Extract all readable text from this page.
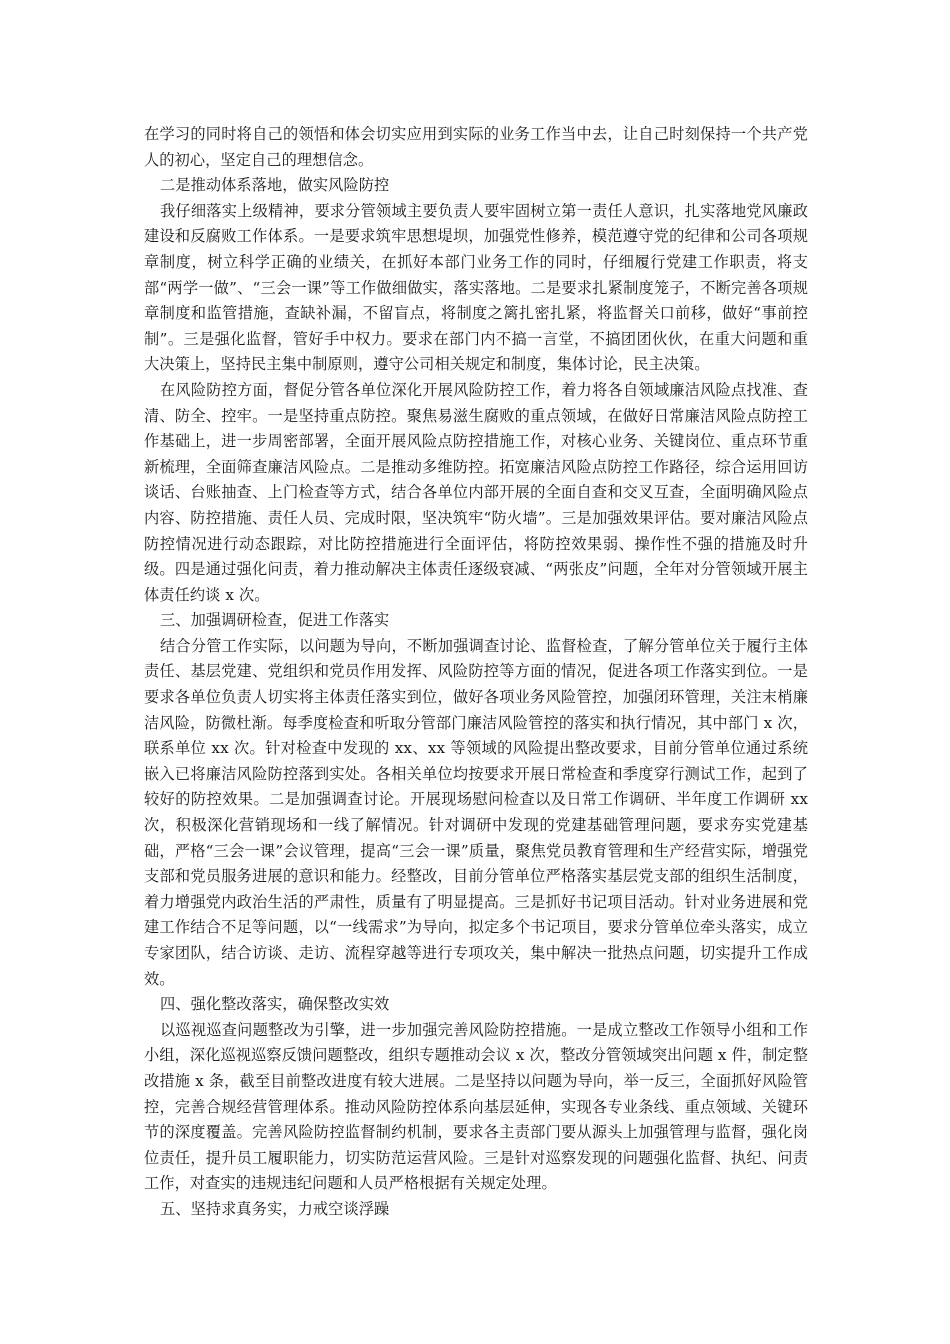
在学习的同时将自己的领悟和体会切实应用到实际的业务工作当中去，让自己时刻保持一个共产党人的初心，坚定自己的理想信念。

二是推动体系落地，做实风险防控

我仔细落实上级精神，要求分管领域主要负责人要牢固树立第一责任人意识，扎实落地党风廉政建设和反腐败工作体系。一是要求筑牢思想堤坝，加强党性修养，模范遵守党的纪律和公司各项规章制度，树立科学正确的业绩关，在抓好本部门业务工作的同时，仔细履行党建工作职责，将支部“两学一做”、“三会一课”等工作做细做实，落实落地。二是要求扎紧制度笼子，不断完善各项规章制度和监管措施，查缺补漏，不留盲点，将制度之篱扎密扎紧，将监督关口前移，做好“事前控制”。三是强化监督，管好手中权力。要求在部门内不搞一言堂，不搞团团伙伙，在重大问题和重大决策上，坚持民主集中制原则，遵守公司相关规定和制度，集体讨论，民主决策。

在风险防控方面，督促分管各单位深化开展风险防控工作，着力将各自领域廉洁风险点找准、查清、防全、控牢。一是坚持重点防控。聚焦易滋生腐败的重点领域，在做好日常廉洁风险点防控工作基础上，进一步周密部署，全面开展风险点防控措施工作，对核心业务、关键岗位、重点环节重新梳理，全面筛查廉洁风险点。二是推动多维防控。拓宽廉洁风险点防控工作路径，综合运用回访谈话、台账抽查、上门检查等方式，结合各单位内部开展的全面自查和交叉互查，全面明确风险点内容、防控措施、责任人员、完成时限，坚决筑牢“防火墙”。三是加强效果评估。要对廉洁风险点防控情况进行动态跟踪，对比防控措施进行全面评估，将防控效果弱、操作性不强的措施及时升级。四是通过强化问责，着力推动解决主体责任逐级衰减、“两张皮”问题，全年对分管领域开展主体责任约谈 x 次。

三、加强调研检查，促进工作落实

结合分管工作实际，以问题为导向，不断加强调查讨论、监督检查，了解分管单位关于履行主体责任、基层党建、党组织和党员作用发挥、风险防控等方面的情况，促进各项工作落实到位。一是要求各单位负责人切实将主体责任落实到位，做好各项业务风险管控，加强闭环管理，关注末梢廉洁风险，防微杜渐。每季度检查和听取分管部门廉洁风险管控的落实和执行情况，其中部门 x 次，联系单位 xx 次。针对检查中发现的 xx、xx 等领域的风险提出整改要求，目前分管单位通过系统嵌入已将廉洁风险防控落到实处。各相关单位均按要求开展日常检查和季度穿行测试工作，起到了较好的防控效果。二是加强调查讨论。开展现场慰问检查以及日常工作调研、半年度工作调研 xx 次，积极深化营销现场和一线了解情况。针对调研中发现的党建基础管理问题，要求夯实党建基础，严格“三会一课”会议管理，提高“三会一课”质量，聚焦党员教育管理和生产经营实际，增强党支部和党员服务进展的意识和能力。经整改，目前分管单位严格落实基层党支部的组织生活制度，着力增强党内政治生活的严肃性，质量有了明显提高。三是抓好书记项目活动。针对业务进展和党建工作结合不足等问题，以“一线需求”为导向，拟定多个书记项目，要求分管单位牵头落实，成立专家团队，结合访谈、走访、流程穿越等进行专项攻关，集中解决一批热点问题，切实提升工作成效。

四、强化整改落实，确保整改实效

以巡视巡查问题整改为引擎，进一步加强完善风险防控措施。一是成立整改工作领导小组和工作小组，深化巡视巡察反馈问题整改，组织专题推动会议 x 次，整改分管领域突出问题 x 件，制定整改措施 x 条，截至目前整改进度有较大进展。二是坚持以问题为导向，举一反三，全面抓好风险管控，完善合规经营管理体系。推动风险防控体系向基层延伸，实现各专业条线、重点领域、关键环节的深度覆盖。完善风险防控监督制约机制，要求各主责部门要从源头上加强管理与监督，强化岗位责任，提升员工履职能力，切实防范运营风险。三是针对巡察发现的问题强化监督、执纪、问责工作，对查实的违规违纪问题和人员严格根据有关规定处理。

五、坚持求真务实，力戒空谈浮躁
